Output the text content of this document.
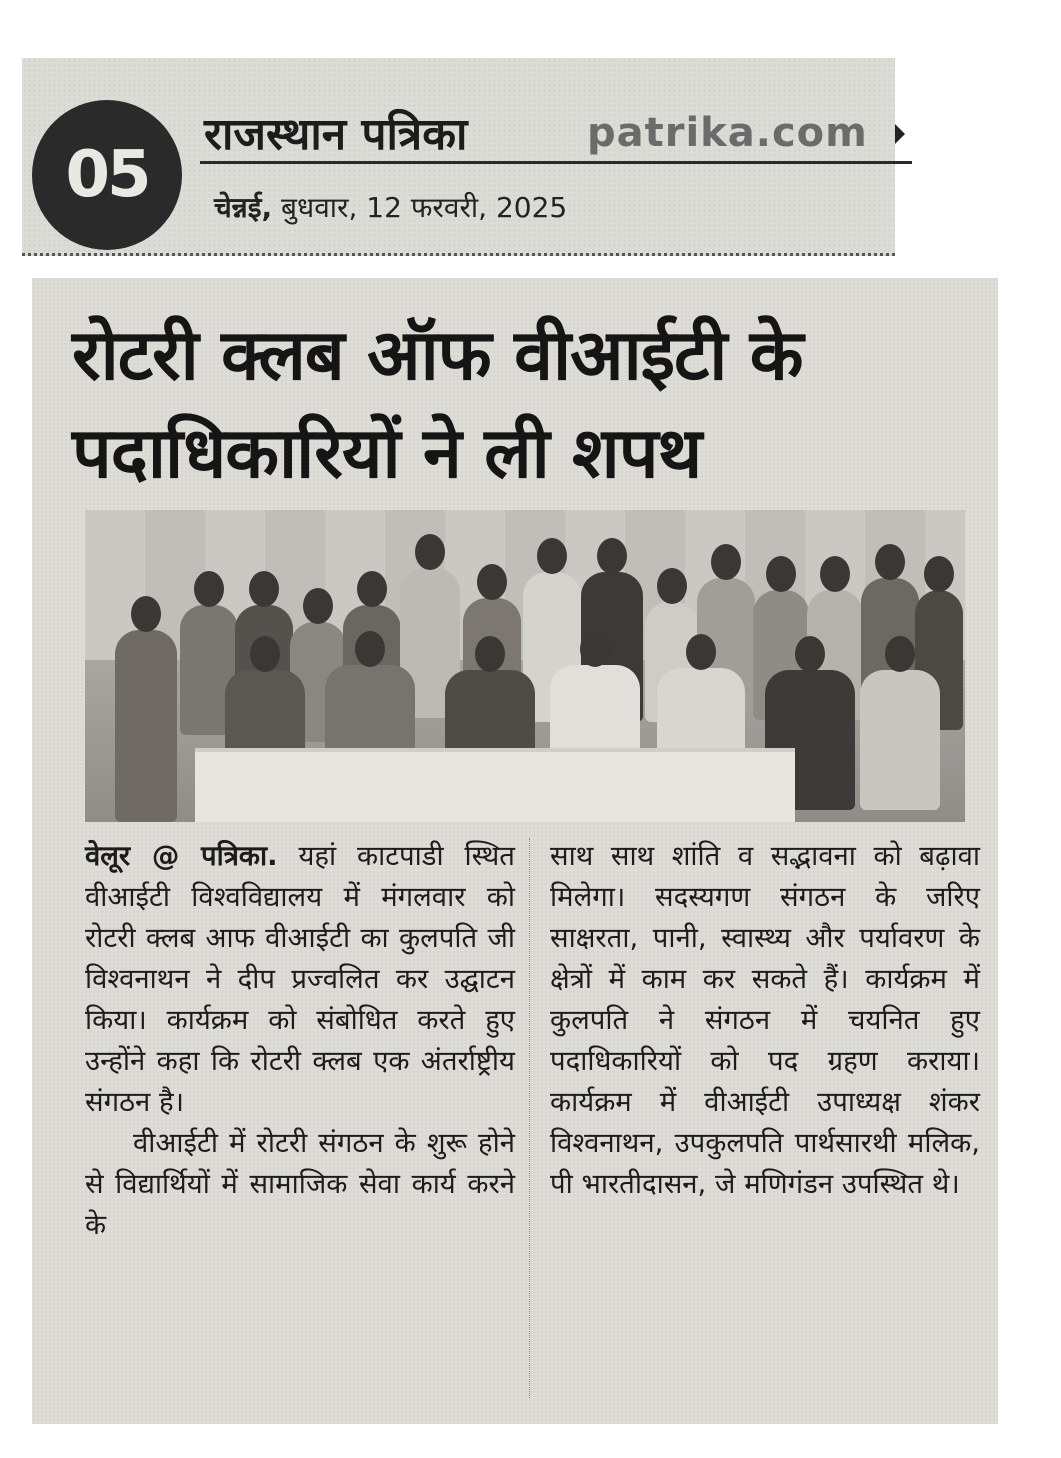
05
राजस्थान पत्रिका	patrika.com
चेन्नई, बुधवार, 12 फरवरी, 2025
रोटरी क्लब ऑफ वीआईटी के
पदाधिकारियों ने ली शपथ

वेलूर @ पत्रिका. यहां काटपाडी स्थित वीआईटी विश्वविद्यालय में मंगलवार को रोटरी क्लब आफ वीआईटी का कुलपति जी विश्वनाथन ने दीप प्रज्वलित कर उद्घाटन किया। कार्यक्रम को संबोधित करते हुए उन्होंने कहा कि रोटरी क्लब एक अंतर्राष्ट्रीय संगठन है।

वीआईटी में रोटरी संगठन के शुरू होने से विद्यार्थियों में सामाजिक सेवा कार्य करने के

साथ साथ शांति व सद्भावना को बढ़ावा मिलेगा। सदस्यगण संगठन के जरिए साक्षरता, पानी, स्वास्थ्य और पर्यावरण के क्षेत्रों में काम कर सकते हैं। कार्यक्रम में कुलपति ने संगठन में चयनित हुए पदाधिकारियों को पद ग्रहण कराया। कार्यक्रम में वीआईटी उपाध्यक्ष शंकर विश्वनाथन, उपकुलपति पार्थसारथी मलिक, पी भारतीदासन, जे मणिगंडन उपस्थित थे।
